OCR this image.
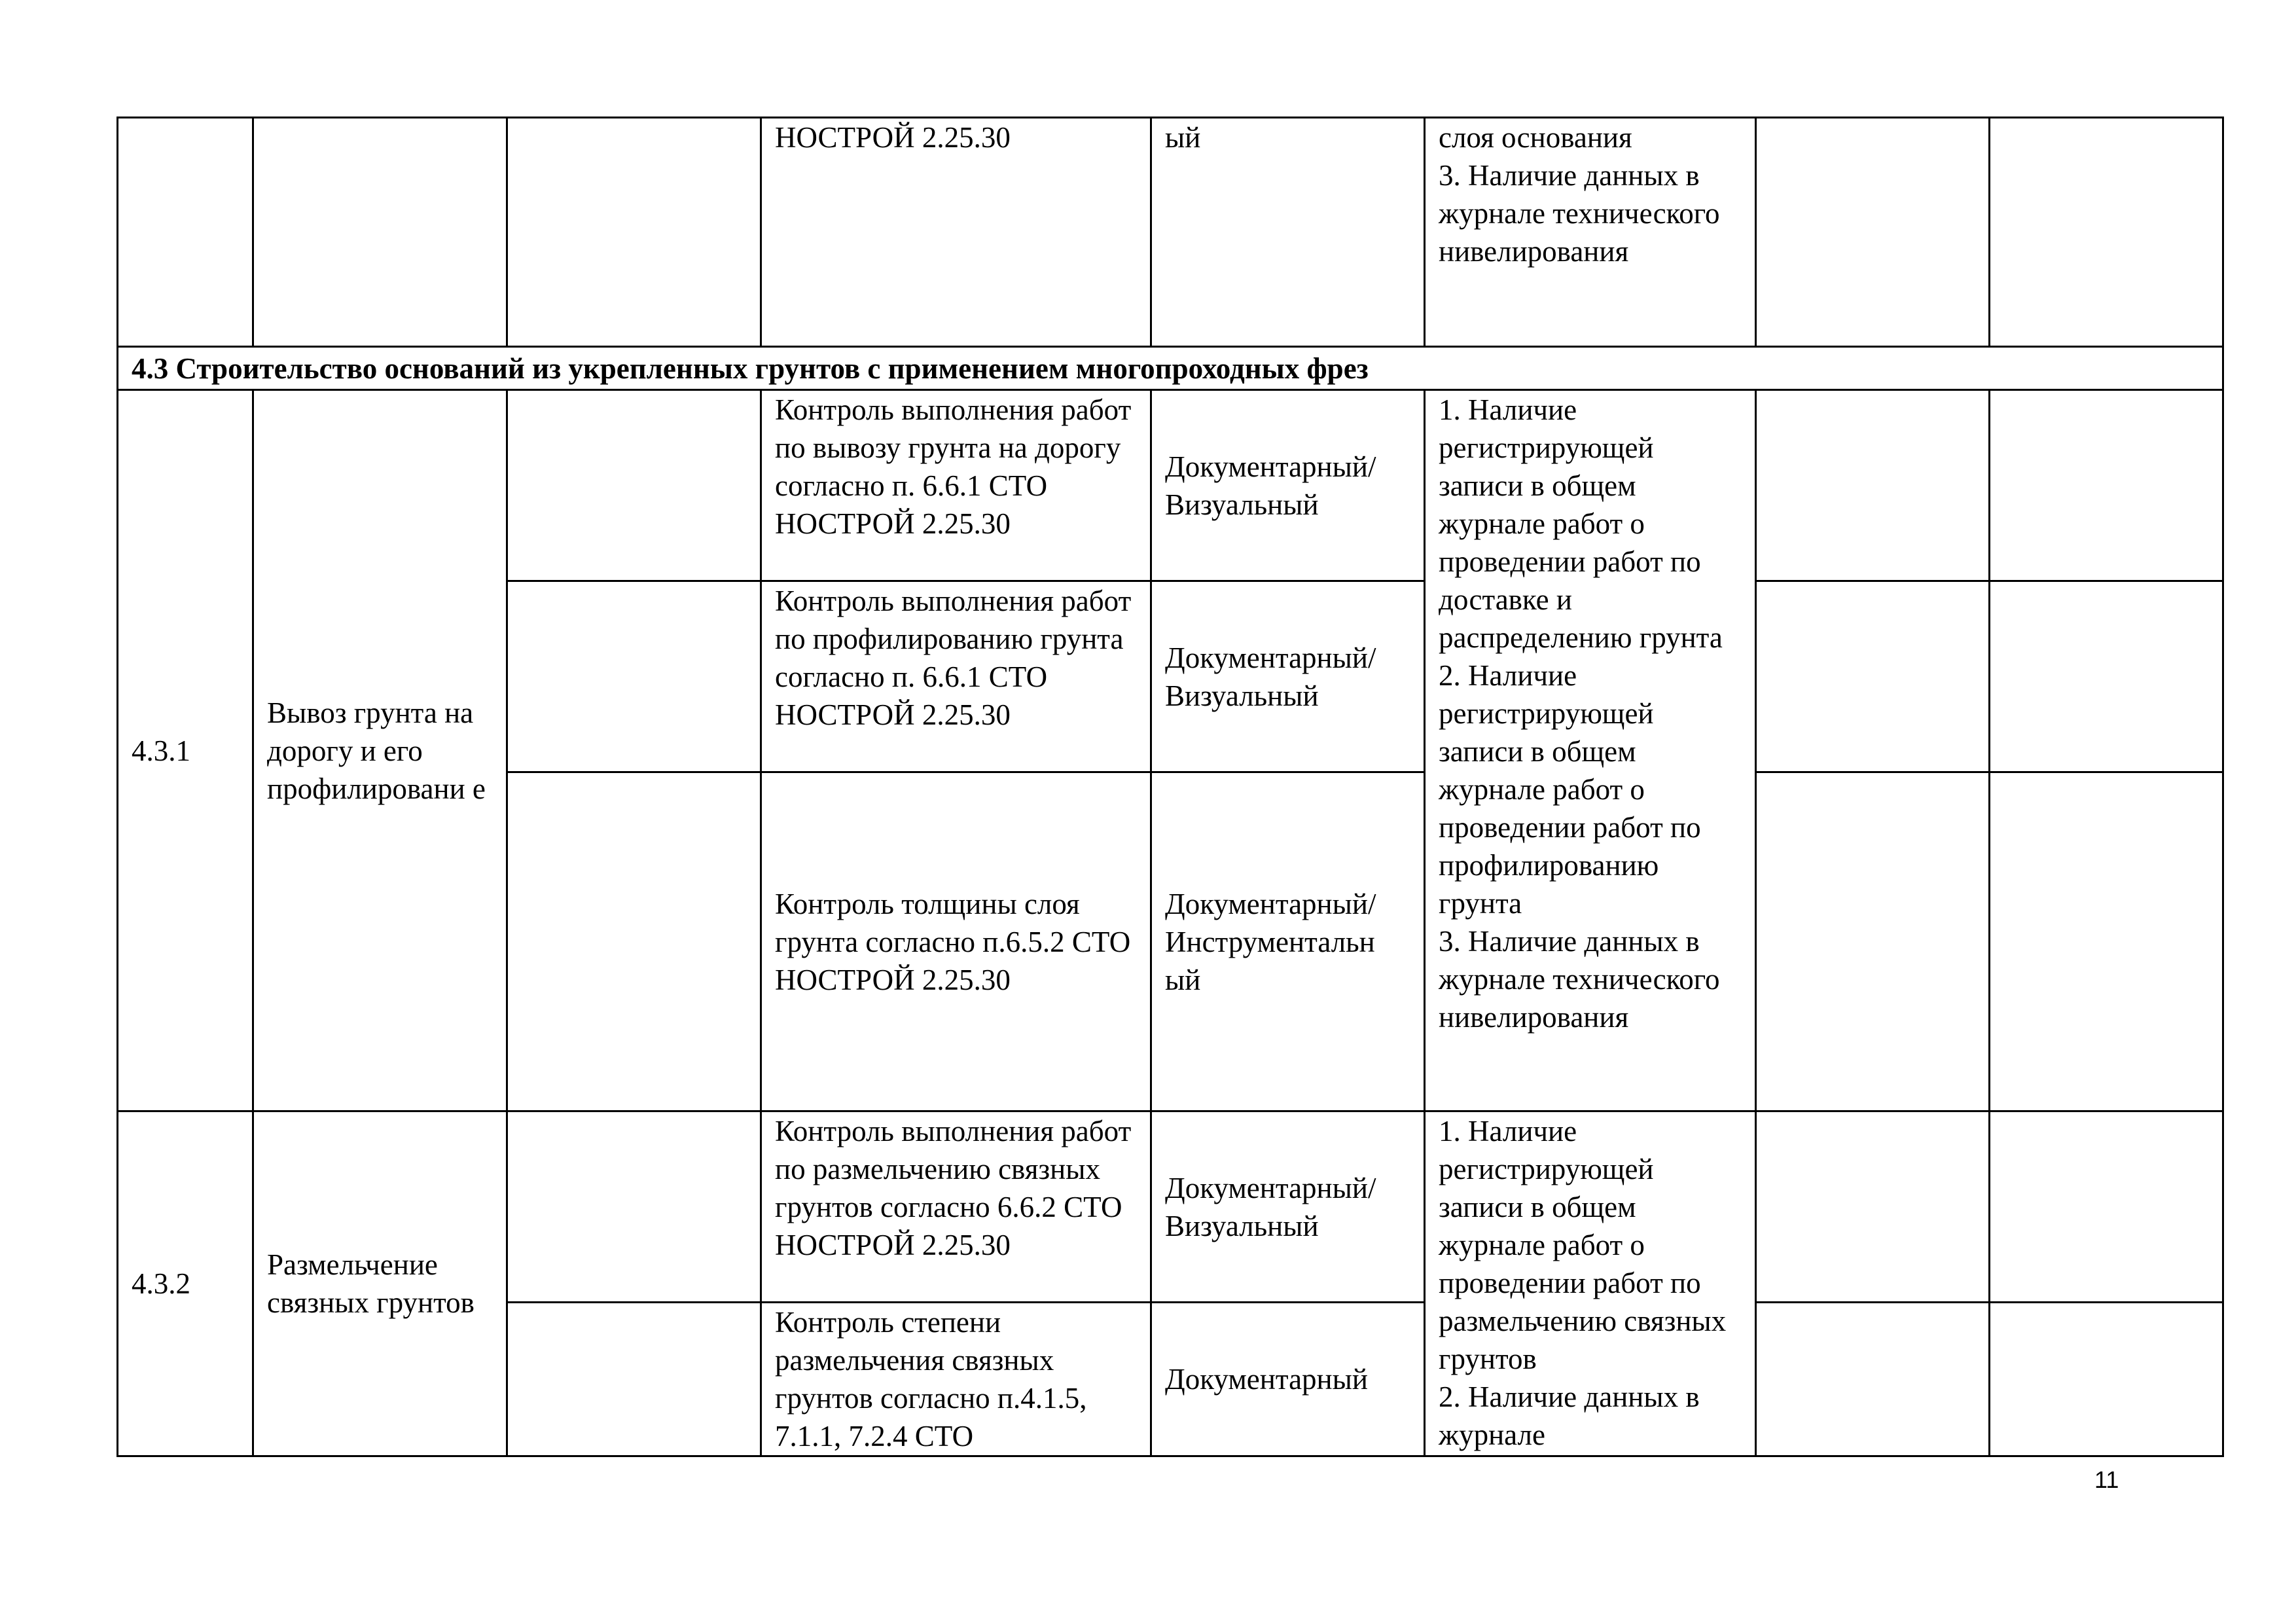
			НОСТРОЙ 2.25.30	ый	слоя основания
3. Наличие данных в журнале технического нивелирования		

4.3 Строительство оснований из укрепленных грунтов с применением многопроходных фрез							
4.3.1	Вывоз грунта на дорогу и его профилировани е		Контроль выполнения работ по вывозу грунта на дорогу согласно п. 6.6.1 СТО НОСТРОЙ 2.25.30	Документарный/ Визуальный	1. Наличие регистрирующей записи в общем журнале работ о проведении работ по доставке и распределению грунта
2. Наличие регистрирующей записи в общем журнале работ о проведении работ по профилированию грунта
3. Наличие данных в журнале технического нивелирования		

			Контроль выполнения работ по профилированию грунта согласно п. 6.6.1 СТО НОСТРОЙ 2.25.30	Документарный/ Визуальный			
			Контроль толщины слоя грунта согласно п.6.5.2 СТО НОСТРОЙ 2.25.30	Документарный/ Инструментальн ый			
4.3.2	Размельчение связных грунтов		Контроль выполнения работ по размельчению связных грунтов согласно 6.6.2 СТО НОСТРОЙ 2.25.30	Документарный/ Визуальный	1. Наличие регистрирующей записи в общем журнале работ о проведении работ по размельчению связных грунтов
2. Наличие данных в журнале		

			Контроль степени размельчения связных грунтов согласно п.4.1.5, 7.1.1, 7.2.4 СТО	Документарный			
11
